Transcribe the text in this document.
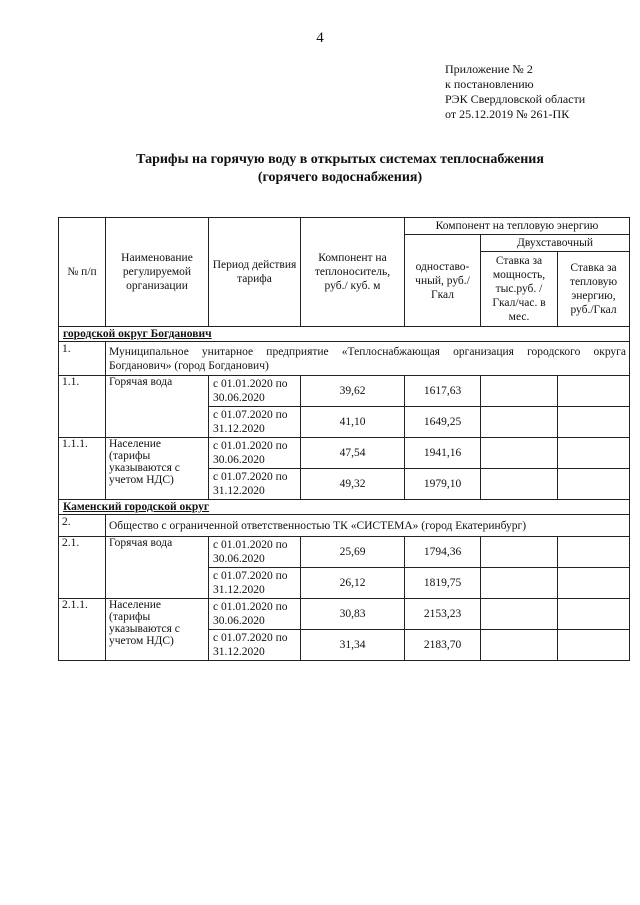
4
Приложение № 2
к постановлению
РЭК Свердловской области
от 25.12.2019 № 261-ПК
Тарифы на горячую воду в открытых системах теплоснабжения
(горячего водоснабжения)
№ п/п	Наименование регулируемой организации	Период действия тарифа	Компонент на теплоноситель, руб./ куб. м	Компонент на тепловую энергию		
				одноставо-чный, руб./Гкал	Двухставочный	
					Ставка за мощность, тыс.руб. /Гкал/час. в мес.	Ставка за тепловую энергию, руб./Гкал
городской округ Богданович						
1.	Муниципальное унитарное предприятие «Теплоснабжающая организация городского округа Богданович» (город Богданович)					
1.1.	Горячая вода	с 01.01.2020 по 30.06.2020	39,62	1617,63		
		с 01.07.2020 по 31.12.2020	41,10	1649,25		
1.1.1.	Население (тарифы указываются с учетом НДС)	с 01.01.2020 по 30.06.2020	47,54	1941,16		
		с 01.07.2020 по 31.12.2020	49,32	1979,10		
Каменский городской округ						
2.	Общество с ограниченной ответственностью ТК «СИСТЕМА» (город Екатеринбург)					
2.1.	Горячая вода	с 01.01.2020 по 30.06.2020	25,69	1794,36		
		с 01.07.2020 по 31.12.2020	26,12	1819,75		
2.1.1.	Население (тарифы указываются с учетом НДС)	с 01.01.2020 по 30.06.2020	30,83	2153,23		
		с 01.07.2020 по 31.12.2020	31,34	2183,70		
